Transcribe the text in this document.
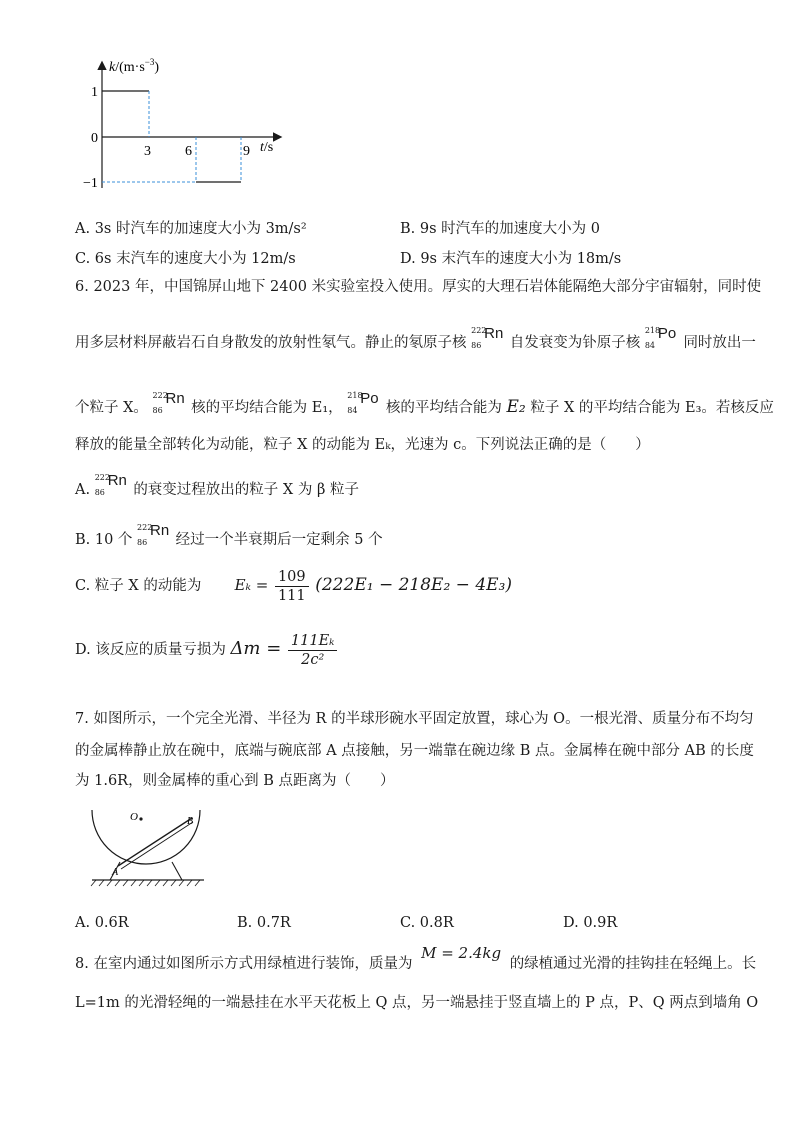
1
0
−1
3 6	9
$k/(m\cdot s^{-3})$
t/s
A. 3s 时汽车的加速度大小为 3m/s²	B. 9s 时汽车的加速度大小为 0
C. 6s 末汽车的速度大小为 12m/s	D. 9s 末汽车的速度大小为 18m/s
6. 2023 年，中国锦屏山地下 2400 米实验室投入使用。厚实的大理石岩体能隔绝大部分宇宙辐射，同时使
用多层材料屏蔽岩石自身散发的放射性氡气。静止的氡原子核
222
86
Rn
自发衰变为钋原子核
218
84
Po
同时放出一
个粒子 X。
222
86
Rn
核的平均结合能为 E₁，
218
84
Po
核的平均结合能为 E₂ 粒子 X 的平均结合能为 E₃。若核反应
释放的能量全部转化为动能，粒子 X 的动能为 Eₖ，光速为 c。下列说法正确的是（　　）
A.
222
86
Rn
的衰变过程放出的粒子 X 为 β 粒子
B. 10 个
222
86
Rn
经过一个半衰期后一定剩余 5 个
C. 粒子 X 的动能为 $E_k = \frac{109}{111} (222E_1 - 218E_2 - 4E_3)$
D. 该反应的质量亏损为 $\Delta m = \frac{\text{111Eₖ}}{\text{2c²}}$
7. 如图所示，一个完全光滑、半径为 R 的半球形碗水平固定放置，球心为 O。一根光滑、质量分布不均匀
的金属棒静止放在碗中，底端与碗底部 A 点接触，另一端靠在碗边缘 B 点。金属棒在碗中部分 AB 的长度
为 1.6R，则金属棒的重心到 B 点距离为（　　）
O
A
B
A. 0.6R	B. 0.7R	C. 0.8R	D. 0.9R
8. 在室内通过如图所示方式用绿植进行装饰，质量为 M = 2.4kg 的绿植通过光滑的挂钩挂在轻绳上。长
L=1m 的光滑轻绳的一端悬挂在水平天花板上 Q 点，另一端悬挂于竖直墙上的 P 点，P、Q 两点到墙角 O
